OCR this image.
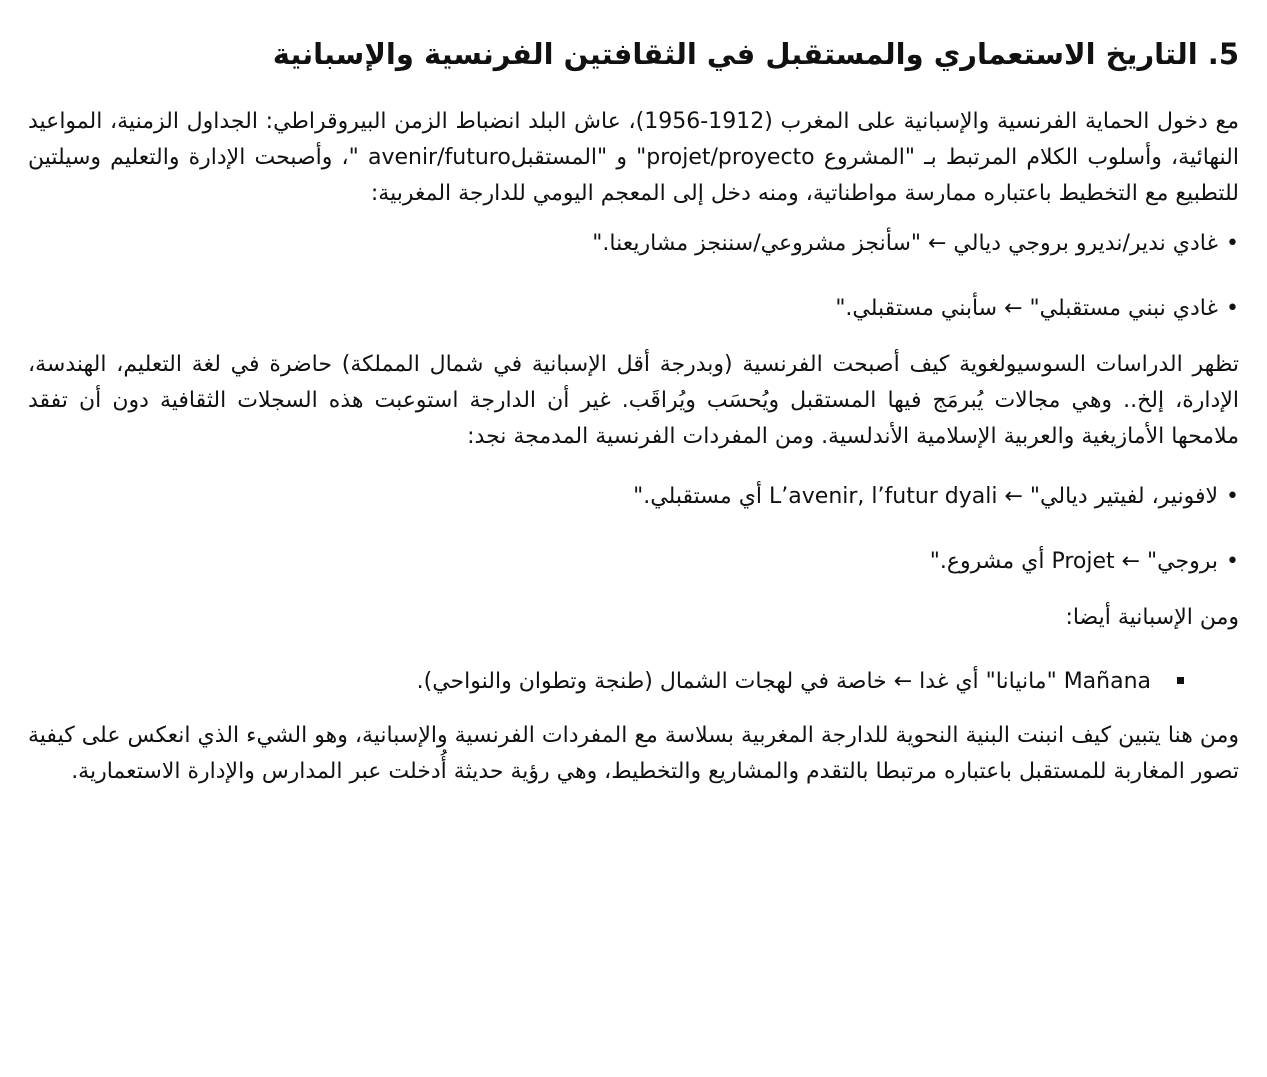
5. التاريخ الاستعماري والمستقبل في الثقافتين الفرنسية والإسبانية

مع دخول الحماية الفرنسية والإسبانية على المغرب (1912-1956)، عاش البلد انضباط الزمن البيروقراطي: الجداول الزمنية، المواعيد النهائية، وأسلوب الكلام المرتبط بـ "المشروع projet/proyecto" و "المستقبلavenir/futuro "، وأصبحت الإدارة والتعليم وسيلتين للتطبيع مع التخطيط باعتباره ممارسة مواطناتية، ومنه دخل إلى المعجم اليومي للدارجة المغربية:

•غادي ندير/نديرو بروجي ديالي ← "سأنجز مشروعي/سننجز مشاريعنا."
•غادي نبني مستقبلي" ← سأبني مستقبلي."

تظهر الدراسات السوسيولغوية كيف أصبحت الفرنسية (وبدرجة أقل الإسبانية في شمال المملكة) حاضرة في لغة التعليم، الهندسة، الإدارة، إلخ.. وهي مجالات يُبرمَج فيها المستقبل ويُحسَب ويُراقَب. غير أن الدارجة استوعبت هذه السجلات الثقافية دون أن تفقد ملامحها الأمازيغية والعربية الإسلامية الأندلسية. ومن المفردات الفرنسية المدمجة نجد:

•لافونير، لفيتير ديالي" ← L’avenir, l’futur dyali أي مستقبلي."
•بروجي" ← Projet أي مشروع."

ومن الإسبانية أيضا:

Mañana "مانيانا" أي غدا ← خاصة في لهجات الشمال (طنجة وتطوان والنواحي).

ومن هنا يتبين كيف انبنت البنية النحوية للدارجة المغربية بسلاسة مع المفردات الفرنسية والإسبانية، وهو الشيء الذي انعكس على كيفية تصور المغاربة للمستقبل باعتباره مرتبطا بالتقدم والمشاريع والتخطيط، وهي رؤية حديثة أُدخلت عبر المدارس والإدارة الاستعمارية.
